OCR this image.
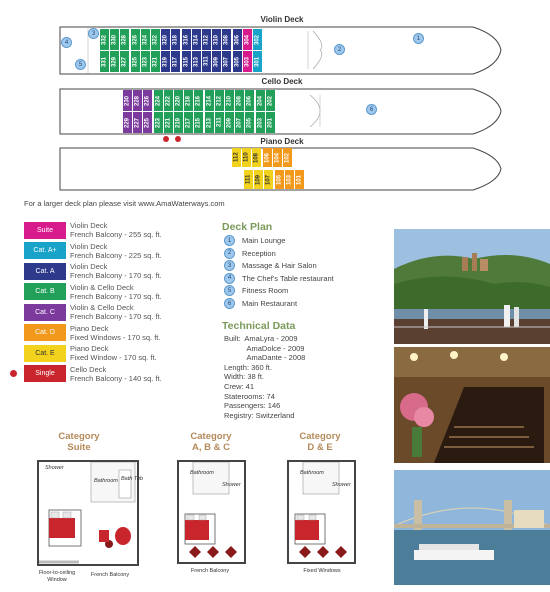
Violin Deck
Cello Deck
Piano Deck
4
5
3
2
1
6
332 330 328 326 324 322 320 318 316 314 312 310 308 306 304 302
331 329 327 325 323 321 319 317 315 313 311 309 307 305 303 301
230 228 226 224 222 220 218 216 214 212 210 208 206 204 202
229 227 225 223 221 219 217 215 213 211 209 207 205 203 201
112 110 108 106 104 102
111 109 107 105 103 101
For a larger deck plan please visit www.AmaWaterways.com
Suite	Violin Deck
French Balcony - 255 sq. ft.
Cat. A+	Violin Deck
French Balcony - 225 sq. ft.
Cat. A	Violin Deck
French Balcony - 170 sq. ft.
Cat. B	Violin & Cello Deck
French Balcony - 170 sq. ft.
Cat. C	Violin & Cello Deck
French Balcony - 170 sq. ft.
Cat. D	Piano Deck
Fixed Windows - 170 sq. ft.
Cat. E	Piano Deck
Fixed Window - 170 sq. ft.
Single	Cello Deck
French Balcony - 140 sq. ft.
Deck Plan
1	Main Lounge
2	Reception
3	Massage & Hair Salon
4	The Chef's Table restaurant
5	Fitness Room
6	Main Restaurant
Technical Data
Built:  AmaLyra - 2009
AmaDolce - 2009
AmaDante - 2008
Length: 360 ft.
Width: 38 ft.
Crew: 41
Staterooms: 74
Passengers: 146
Registry: Switzerland
Category
Suite
Category
A, B & C
Category
D & E
Shower
Bathroom Bath Tub
Floor-to-ceiling
Window
French Balcony
Bathroom
Shower
French Balcony
Bathroom
Shower
Fixed Windows
